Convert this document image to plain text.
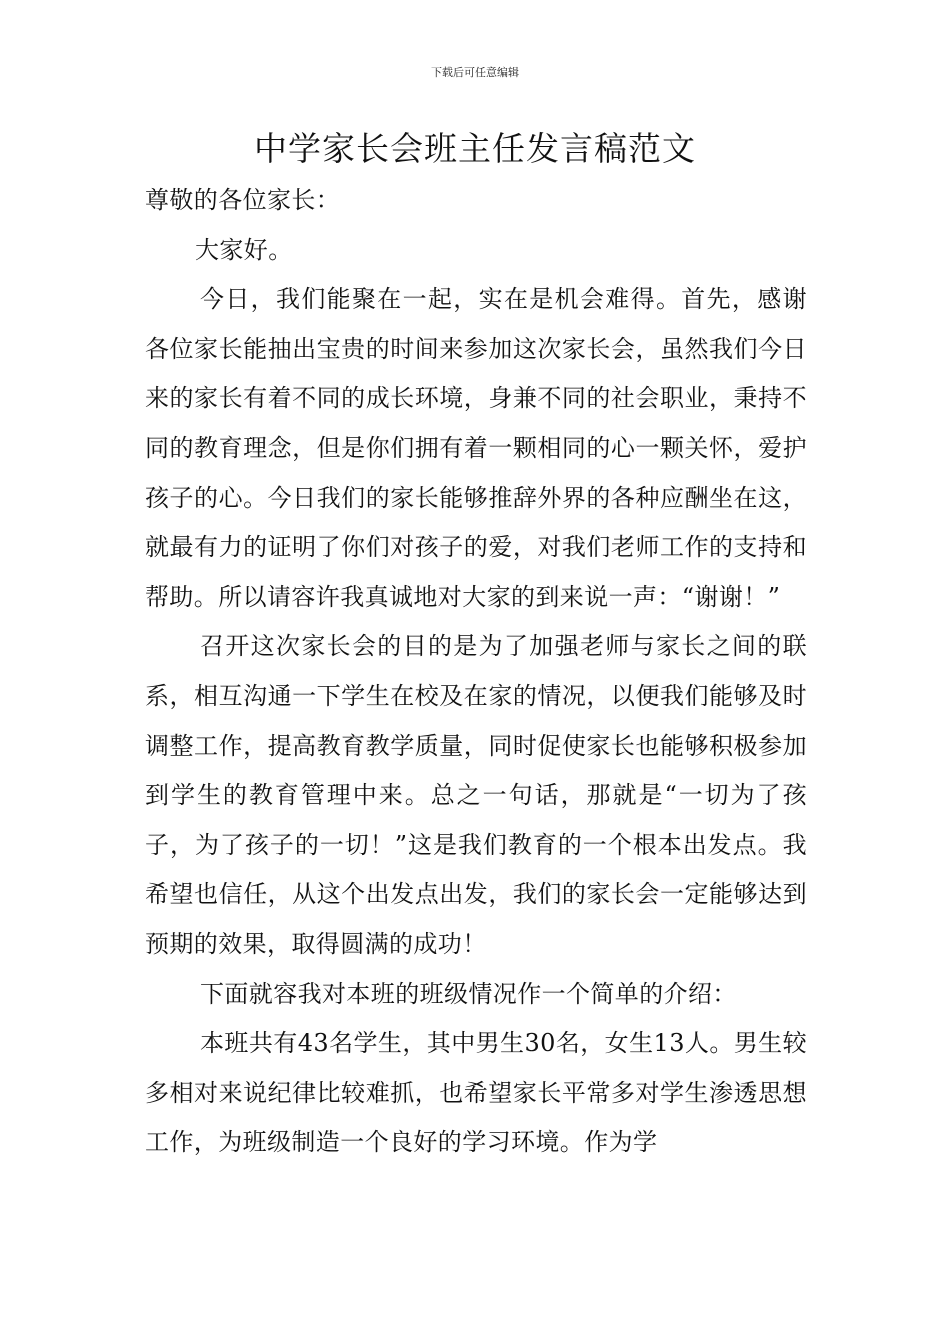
下载后可任意编辑
中学家长会班主任发言稿范文

尊敬的各位家长：

大家好。

今日，我们能聚在一起，实在是机会难得。首先，感谢各位家长能抽出宝贵的时间来参加这次家长会，虽然我们今日来的家长有着不同的成长环境，身兼不同的社会职业，秉持不同的教育理念，但是你们拥有着一颗相同的心一颗关怀，爱护孩子的心。今日我们的家长能够推辞外界的各种应酬坐在这，就最有力的证明了你们对孩子的爱，对我们老师工作的支持和帮助。所以请容许我真诚地对大家的到来说一声：“谢谢！”

召开这次家长会的目的是为了加强老师与家长之间的联系，相互沟通一下学生在校及在家的情况，以便我们能够及时调整工作，提高教育教学质量，同时促使家长也能够积极参加到学生的教育管理中来。总之一句话，那就是“一切为了孩子，为了孩子的一切！”这是我们教育的一个根本出发点。我希望也信任，从这个出发点出发，我们的家长会一定能够达到预期的效果，取得圆满的成功！

下面就容我对本班的班级情况作一个简单的介绍：

本班共有43名学生，其中男生30名，女生13人。男生较多相对来说纪律比较难抓，也希望家长平常多对学生渗透思想工作，为班级制造一个良好的学习环境。作为学
